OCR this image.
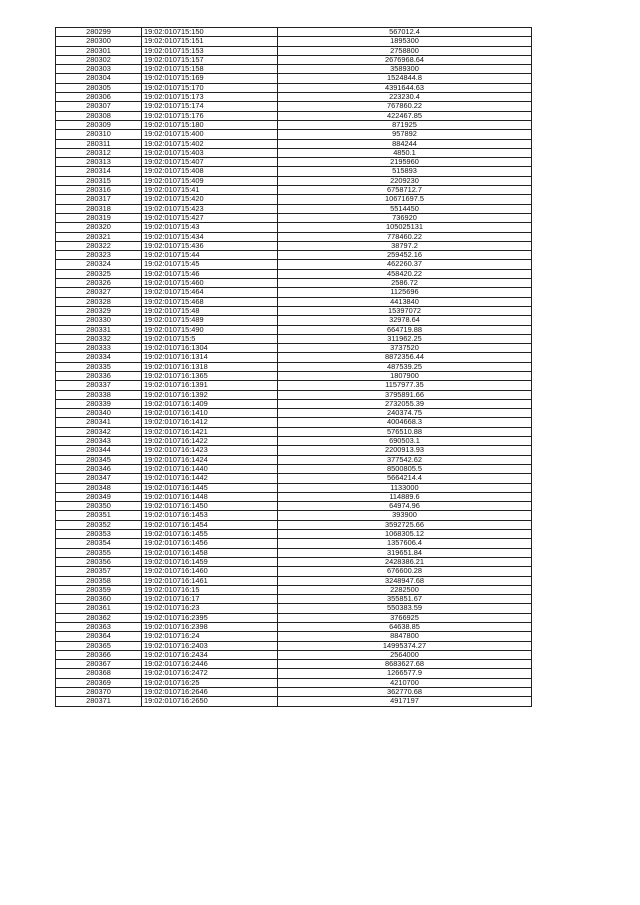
280299	19:02:010715:150	567012.4
280300	19:02:010715:151	1895300
280301	19:02:010715:153	2758800
280302	19:02:010715:157	2676968.64
280303	19:02:010715:158	3589300
280304	19:02:010715:169	1524844.8
280305	19:02:010715:170	4391644.63
280306	19:02:010715:173	223230.4
280307	19:02:010715:174	767860.22
280308	19:02:010715:176	422467.85
280309	19:02:010715:180	871925
280310	19:02:010715:400	957892
280311	19:02:010715:402	884244
280312	19:02:010715:403	4850.1
280313	19:02:010715:407	2195960
280314	19:02:010715:408	515893
280315	19:02:010715:409	2209230
280316	19:02:010715:41	6758712.7
280317	19:02:010715:420	10671697.5
280318	19:02:010715:423	5514450
280319	19:02:010715:427	736920
280320	19:02:010715:43	105025131
280321	19:02:010715:434	778460.22
280322	19:02:010715:436	38797.2
280323	19:02:010715:44	259452.16
280324	19:02:010715:45	462260.37
280325	19:02:010715:46	458420.22
280326	19:02:010715:460	2586.72
280327	19:02:010715:464	1125696
280328	19:02:010715:468	4413840
280329	19:02:010715:48	15397072
280330	19:02:010715:489	32978.64
280331	19:02:010715:490	664719.88
280332	19:02:010715:5	311962.25
280333	19:02:010716:1304	3737520
280334	19:02:010716:1314	8872356.44
280335	19:02:010716:1318	487539.25
280336	19:02:010716:1365	1807900
280337	19:02:010716:1391	1157977.35
280338	19:02:010716:1392	3795891.66
280339	19:02:010716:1409	2732055.39
280340	19:02:010716:1410	240374.75
280341	19:02:010716:1412	4004668.3
280342	19:02:010716:1421	576510.88
280343	19:02:010716:1422	690503.1
280344	19:02:010716:1423	2200913.93
280345	19:02:010716:1424	377542.62
280346	19:02:010716:1440	8500805.5
280347	19:02:010716:1442	5664214.4
280348	19:02:010716:1445	1133000
280349	19:02:010716:1448	114889.6
280350	19:02:010716:1450	64974.96
280351	19:02:010716:1453	393900
280352	19:02:010716:1454	3592725.66
280353	19:02:010716:1455	1068305.12
280354	19:02:010716:1456	1357606.4
280355	19:02:010716:1458	319651.84
280356	19:02:010716:1459	2428386.21
280357	19:02:010716:1460	676600.28
280358	19:02:010716:1461	3248947.68
280359	19:02:010716:15	2282500
280360	19:02:010716:17	355851.67
280361	19:02:010716:23	550383.59
280362	19:02:010716:2395	3766925
280363	19:02:010716:2398	64638.85
280364	19:02:010716:24	8847800
280365	19:02:010716:2403	14995374.27
280366	19:02:010716:2434	2564000
280367	19:02:010716:2446	8683627.68
280368	19:02:010716:2472	1266577.9
280369	19:02:010716:25	4210700
280370	19:02:010716:2646	362770.68
280371	19:02:010716:2650	4917197
